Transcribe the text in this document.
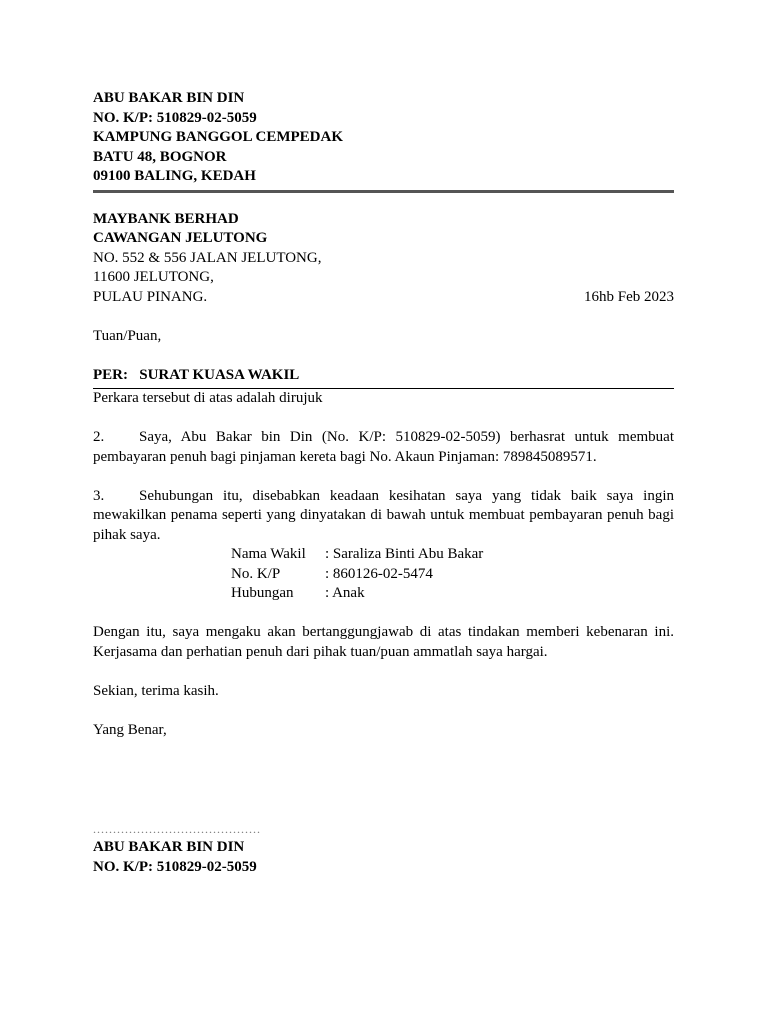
ABU BAKAR BIN DIN
NO. K/P: 510829-02-5059
KAMPUNG BANGGOL CEMPEDAK
BATU 48, BOGNOR
09100 BALING, KEDAH
MAYBANK BERHAD
CAWANGAN JELUTONG
NO. 552 & 556 JALAN JELUTONG,
11600 JELUTONG,
PULAU PINANG.	16hb Feb 2023
Tuan/Puan,
PER: SURAT KUASA WAKIL
Perkara tersebut di atas adalah dirujuk
2. Saya, Abu Bakar bin Din (No. K/P: 510829-02-5059) berhasrat untuk membuat
pembayaran penuh bagi pinjaman kereta bagi No. Akaun Pinjaman: 789845089571.
3. Sehubungan itu, disebabkan keadaan kesihatan saya yang tidak baik saya ingin
mewakilkan penama seperti yang dinyatakan di bawah untuk membuat pembayaran penuh bagi
pihak saya.
Nama Wakil	: Saraliza Binti Abu Bakar
No. K/P	: 860126-02-5474
Hubungan	: Anak
Dengan itu, saya mengaku akan bertanggungjawab di atas tindakan memberi kebenaran ini.
Kerjasama dan perhatian penuh dari pihak tuan/puan ammatlah saya hargai.
Sekian, terima kasih.
Yang Benar,
..........................................
ABU BAKAR BIN DIN
NO. K/P: 510829-02-5059
